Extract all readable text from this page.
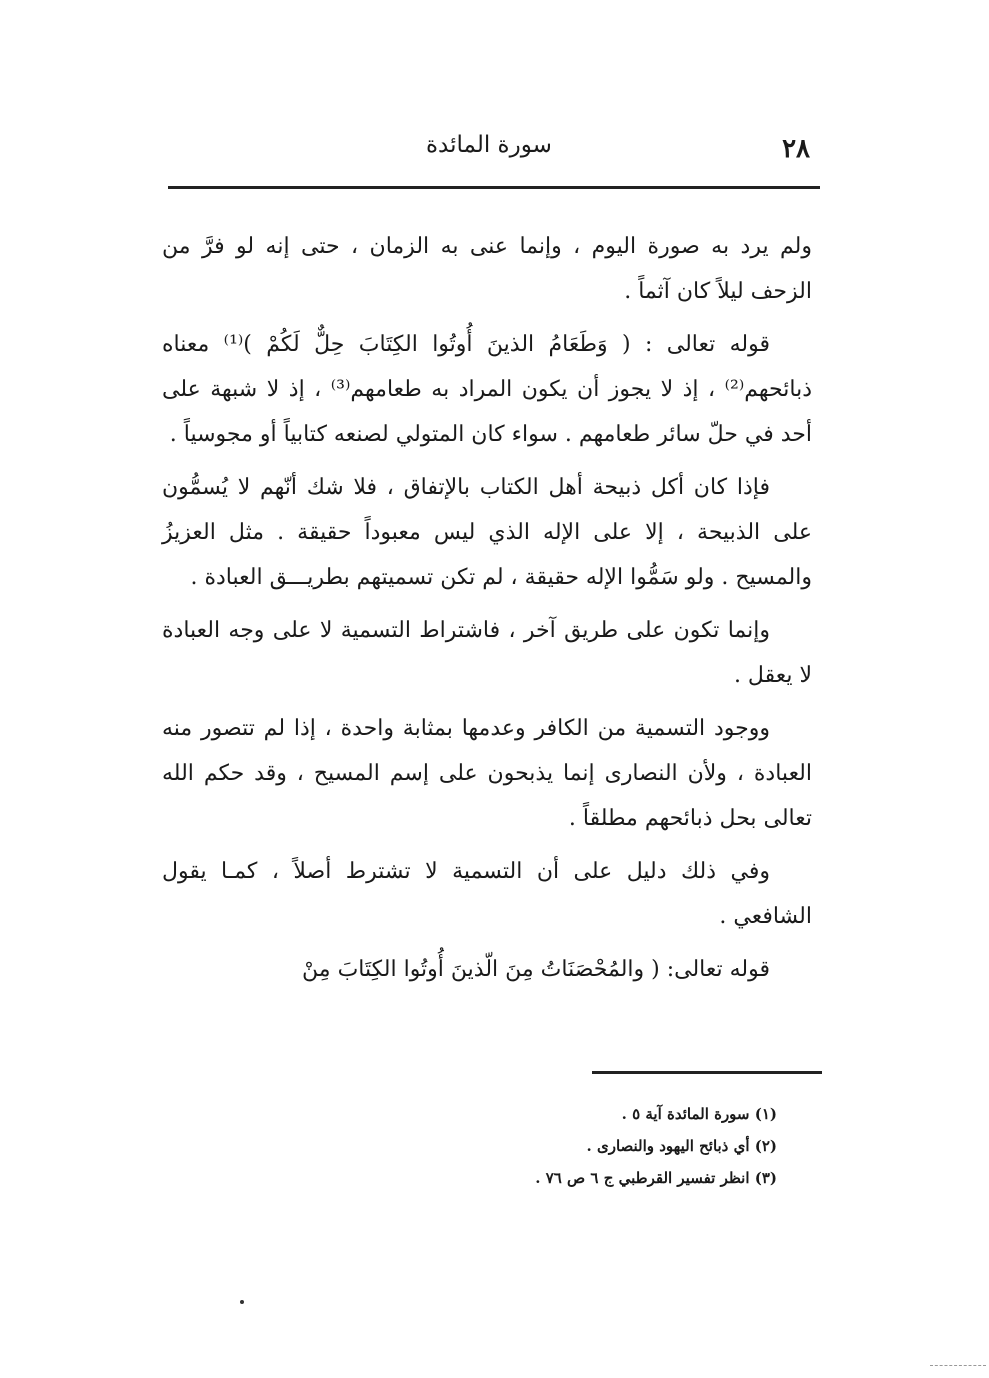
٢٨
سورة المائدة

ولم يرد به صورة اليوم ، وإنما عنى به الزمان ، حتى إنه لو فرَّ من الزحف ليلاً كان آثماً .

قوله تعالى : ( وَطَعَامُ الذينَ أُوتُوا الكِتَابَ حِلٌّ لَكُمْ )⁽¹⁾ معناه ذبائحهم⁽²⁾ ، إذ لا يجوز أن يكون المراد به طعامهم⁽³⁾ ، إذ لا شبهة على أحد في حلّ سائر طعامهم . سواء كان المتولي لصنعه كتابياً أو مجوسياً .

فإذا كان أكل ذبيحة أهل الكتاب بالإتفاق ، فلا شك أنّهم لا يُسمُّون على الذبيحة ، إلا على الإله الذي ليس معبوداً حقيقة . مثل العزيزُ والمسيح . ولو سَمُّوا الإله حقيقة ، لم تكن تسميتهم بطريـــق العبادة .

وإنما تكون على طريق آخر ، فاشتراط التسمية لا على وجه العبادة لا يعقل .

ووجود التسمية من الكافر وعدمها بمثابة واحدة ، إذا لم تتصور منه العبادة ، ولأن النصارى إنما يذبحون على إسم المسيح ، وقد حكم الله تعالى بحل ذبائحهم مطلقاً .

وفي ذلك دليل على أن التسمية لا تشترط أصلاً ، كمـا يقول الشافعي .

قوله تعالى: ( والمُحْصَنَاتُ مِنَ الّذينَ أُوتُوا الكِتَابَ مِنْ

(١) سورة المائدة آية ٥ .

(٢) أي ذبائح اليهود والنصارى .

(٣) انظر تفسير القرطبي ج ٦ ص ٧٦ .
